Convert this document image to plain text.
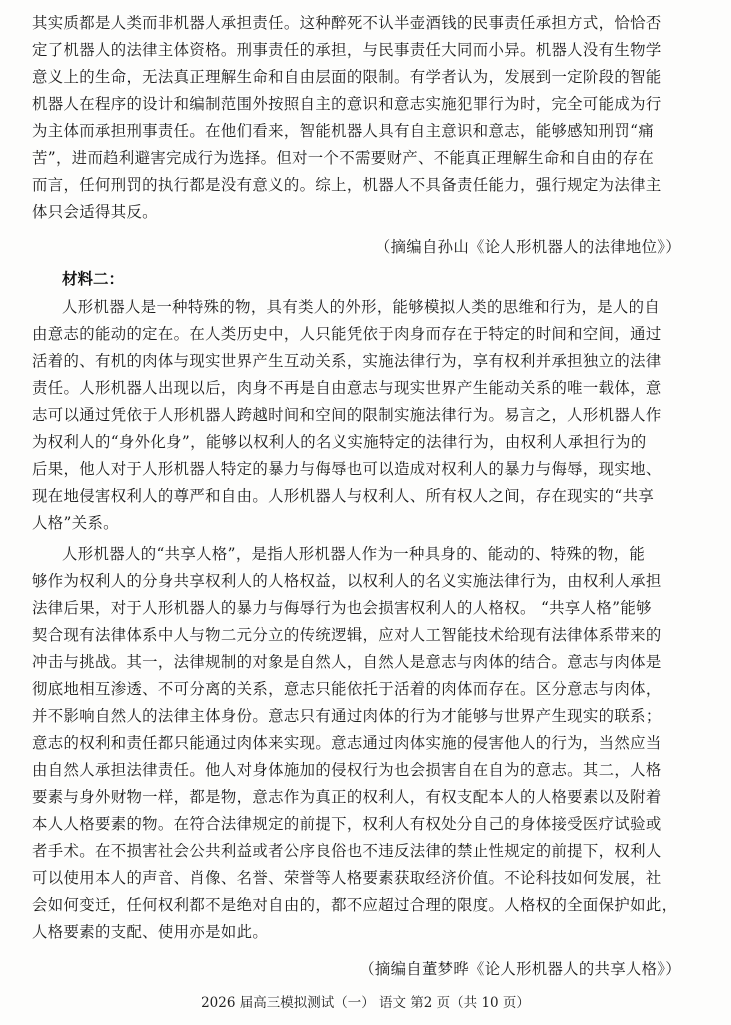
其实质都是人类而非机器人承担责任。这种醉死不认半壶酒钱的民事责任承担方式，恰恰否
定了机器人的法律主体资格。刑事责任的承担，与民事责任大同而小异。机器人没有生物学
意义上的生命，无法真正理解生命和自由层面的限制。有学者认为，发展到一定阶段的智能
机器人在程序的设计和编制范围外按照自主的意识和意志实施犯罪行为时，完全可能成为行
为主体而承担刑事责任。在他们看来，智能机器人具有自主意识和意志，能够感知刑罚“痛
苦”，进而趋利避害完成行为选择。但对一个不需要财产、不能真正理解生命和自由的存在
而言，任何刑罚的执行都是没有意义的。综上，机器人不具备责任能力，强行规定为法律主
体只会适得其反。
（摘编自孙山《论人形机器人的法律地位》）
材料二：
人形机器人是一种特殊的物，具有类人的外形，能够模拟人类的思维和行为，是人的自
由意志的能动的定在。在人类历史中，人只能凭依于肉身而存在于特定的时间和空间，通过
活着的、有机的肉体与现实世界产生互动关系，实施法律行为，享有权利并承担独立的法律
责任。人形机器人出现以后，肉身不再是自由意志与现实世界产生能动关系的唯一载体，意
志可以通过凭依于人形机器人跨越时间和空间的限制实施法律行为。易言之，人形机器人作
为权利人的“身外化身”，能够以权利人的名义实施特定的法律行为，由权利人承担行为的
后果，他人对于人形机器人特定的暴力与侮辱也可以造成对权利人的暴力与侮辱，现实地、
现在地侵害权利人的尊严和自由。人形机器人与权利人、所有权人之间，存在现实的“共享
人格”关系。
人形机器人的“共享人格”，是指人形机器人作为一种具身的、能动的、特殊的物，能
够作为权利人的分身共享权利人的人格权益，以权利人的名义实施法律行为，由权利人承担
法律后果，对于人形机器人的暴力与侮辱行为也会损害权利人的人格权。 “共享人格”能够
契合现有法律体系中人与物二元分立的传统逻辑，应对人工智能技术给现有法律体系带来的
冲击与挑战。其一，法律规制的对象是自然人，自然人是意志与肉体的结合。意志与肉体是
彻底地相互渗透、不可分离的关系，意志只能依托于活着的肉体而存在。区分意志与肉体，
并不影响自然人的法律主体身份。意志只有通过肉体的行为才能够与世界产生现实的联系；
意志的权利和责任都只能通过肉体来实现。意志通过肉体实施的侵害他人的行为，当然应当
由自然人承担法律责任。他人对身体施加的侵权行为也会损害自在自为的意志。其二，人格
要素与身外财物一样，都是物，意志作为真正的权利人，有权支配本人的人格要素以及附着
本人人格要素的物。在符合法律规定的前提下，权利人有权处分自己的身体接受医疗试验或
者手术。在不损害社会公共利益或者公序良俗也不违反法律的禁止性规定的前提下，权利人
可以使用本人的声音、肖像、名誉、荣誉等人格要素获取经济价值。不论科技如何发展，社
会如何变迁，任何权利都不是绝对自由的，都不应超过合理的限度。人格权的全面保护如此，
人格要素的支配、使用亦是如此。
（摘编自董梦晔《论人形机器人的共享人格》）
2026 届高三模拟测试（一） 语文 第2 页（共 10 页）
